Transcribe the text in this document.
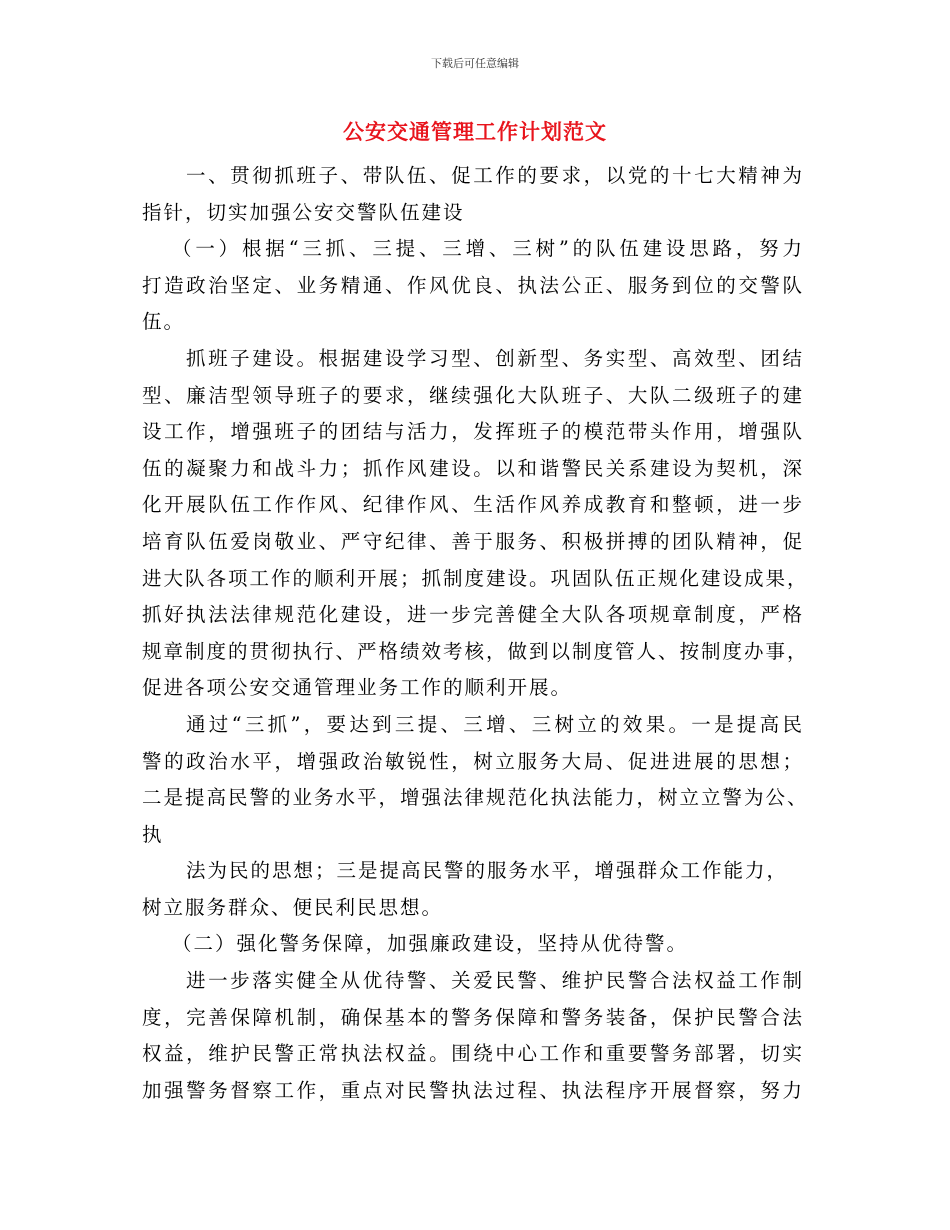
下载后可任意编辑
公安交通管理工作计划范文
一、贯彻抓班子、带队伍、促工作的要求，以党的十七大精神为
指针，切实加强公安交警队伍建设
（一）根据“三抓、三提、三增、三树”的队伍建设思路，努力
打造政治坚定、业务精通、作风优良、执法公正、服务到位的交警队
伍。
抓班子建设。根据建设学习型、创新型、务实型、高效型、团结
型、廉洁型领导班子的要求，继续强化大队班子、大队二级班子的建
设工作，增强班子的团结与活力，发挥班子的模范带头作用，增强队
伍的凝聚力和战斗力；抓作风建设。以和谐警民关系建设为契机，深
化开展队伍工作作风、纪律作风、生活作风养成教育和整顿，进一步
培育队伍爱岗敬业、严守纪律、善于服务、积极拼搏的团队精神，促
进大队各项工作的顺利开展；抓制度建设。巩固队伍正规化建设成果，
抓好执法法律规范化建设，进一步完善健全大队各项规章制度，严格
规章制度的贯彻执行、严格绩效考核，做到以制度管人、按制度办事，
促进各项公安交通管理业务工作的顺利开展。
通过“三抓”，要达到三提、三增、三树立的效果。一是提高民
警的政治水平，增强政治敏锐性，树立服务大局、促进进展的思想；
二是提高民警的业务水平，增强法律规范化执法能力，树立立警为公、
执
法为民的思想；三是提高民警的服务水平，增强群众工作能力，
树立服务群众、便民利民思想。
（二）强化警务保障，加强廉政建设，坚持从优待警。
进一步落实健全从优待警、关爱民警、维护民警合法权益工作制
度，完善保障机制，确保基本的警务保障和警务装备，保护民警合法
权益，维护民警正常执法权益。围绕中心工作和重要警务部署，切实
加强警务督察工作，重点对民警执法过程、执法程序开展督察，努力
